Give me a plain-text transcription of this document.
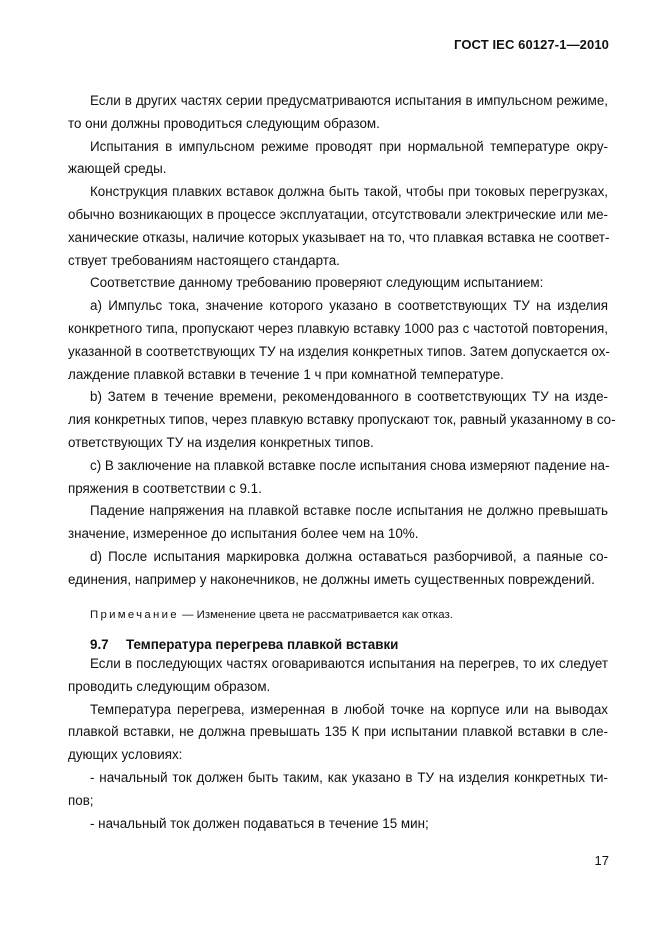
ГОСТ IEC 60127-1—2010
Если в других частях серии предусматриваются испытания в импульсном режиме,
то они должны проводиться следующим образом.
Испытания в импульсном режиме проводят при нормальной температуре окру-
жающей среды.
Конструкция плавких вставок должна быть такой, чтобы при токовых перегрузках,
обычно возникающих в процессе эксплуатации, отсутствовали электрические или ме-
ханические отказы, наличие которых указывает на то, что плавкая вставка не соответ-
ствует требованиям настоящего стандарта.
Соответствие данному требованию проверяют следующим испытанием:
а) Импульс тока, значение которого указано в соответствующих ТУ на изделия
конкретного типа, пропускают через плавкую вставку 1000 раз с частотой повторения,
указанной в соответствующих ТУ на изделия конкретных типов. Затем допускается ох-
лаждение плавкой вставки в течение 1 ч при комнатной температуре.
b) Затем в течение времени, рекомендованного в соответствующих ТУ на изде-
лия конкретных типов, через плавкую вставку пропускают ток, равный указанному в со-
ответствующих ТУ на изделия конкретных типов.
с) В заключение на плавкой вставке после испытания снова измеряют падение на-
пряжения в соответствии с 9.1.
Падение напряжения на плавкой вставке после испытания не должно превышать
значение, измеренное до испытания более чем на 10%.
d) После испытания маркировка должна оставаться разборчивой, а паяные со-
единения, например у наконечников, не должны иметь существенных повреждений.
Примечание — Изменение цвета не рассматривается как отказ.
9.7 Температура перегрева плавкой вставки
Если в последующих частях оговариваются испытания на перегрев, то их следует
проводить следующим образом.
Температура перегрева, измеренная в любой точке на корпусе или на выводах
плавкой вставки, не должна превышать 135 К при испытании плавкой вставки в сле-
дующих условиях:
- начальный ток должен быть таким, как указано в ТУ на изделия конкретных ти-
пов;
- начальный ток должен подаваться в течение 15 мин;
17
